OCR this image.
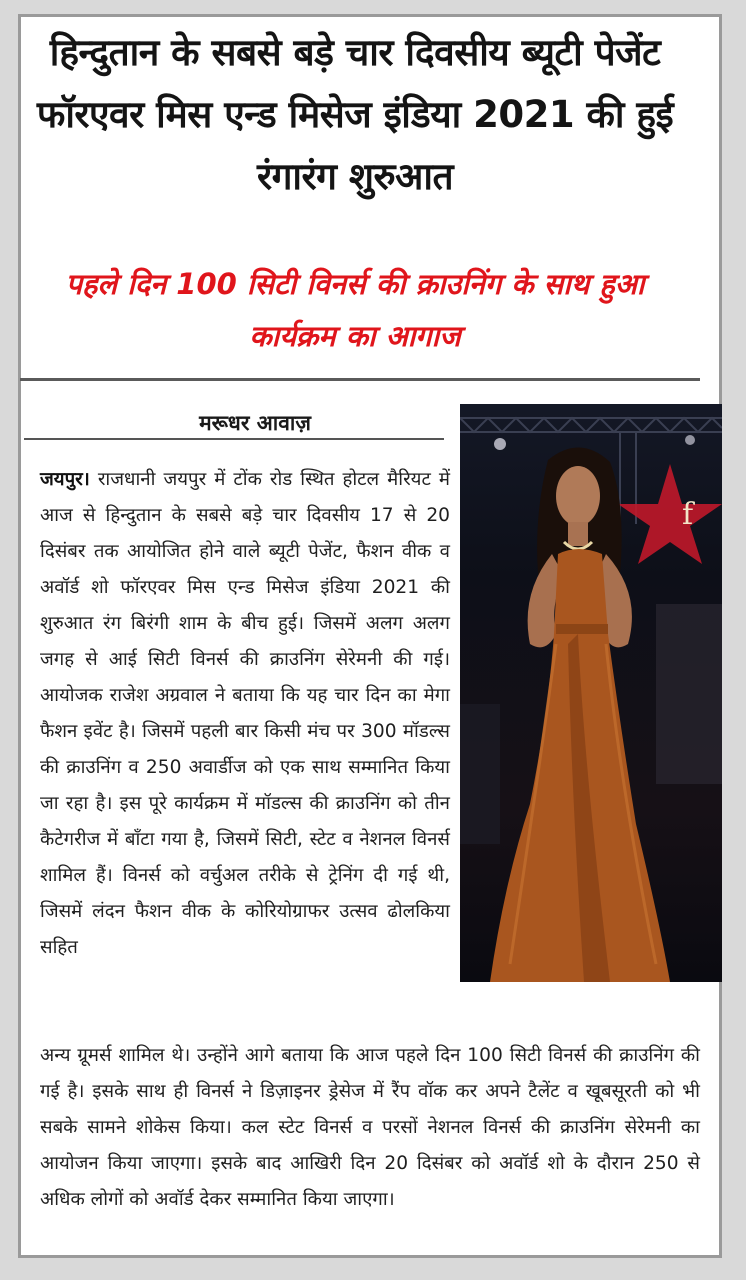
हिन्दुतान के सबसे बड़े चार दिवसीय ब्यूटी पेजेंट फॉरएवर मिस एन्ड मिसेज इंडिया 2021 की हुई रंगारंग शुरुआत
पहले दिन 100 सिटी विनर्स की क्राउनिंग के साथ हुआ कार्यक्रम का आगाज
मरूधर आवाज़
f
जयपुर। राजधानी जयपुर में टोंक रोड स्थित होटल मैरियट में आज से हिन्दुतान के सबसे बड़े चार दिवसीय 17 से 20 दिसंबर तक आयोजित होने वाले ब्यूटी पेजेंट, फैशन वीक व अवॉर्ड शो फॉरएवर मिस एन्ड मिसेज इंडिया 2021 की शुरुआत रंग बिरंगी शाम के बीच हुई। जिसमें अलग अलग जगह से आई सिटी विनर्स की क्राउनिंग सेरेमनी की गई। आयोजक राजेश अग्रवाल ने बताया कि यह चार दिन का मेगा फैशन इवेंट है। जिसमें पहली बार किसी मंच पर 300 मॉडल्स की क्राउनिंग व 250 अवार्डीज को एक साथ सम्मानित किया जा रहा है। इस पूरे कार्यक्रम में मॉडल्स की क्राउनिंग को तीन कैटेगरीज में बाँटा गया है, जिसमें सिटी, स्टेट व नेशनल विनर्स शामिल हैं। विनर्स को वर्चुअल तरीके से ट्रेनिंग दी गई थी, जिसमें लंदन फैशन वीक के कोरियोग्राफर उत्सव ढोलकिया सहित
अन्य ग्रूमर्स शामिल थे। उन्होंने आगे बताया कि आज पहले दिन 100 सिटी विनर्स की क्राउनिंग की गई है। इसके साथ ही विनर्स ने डिज़ाइनर ड्रेसेज में रैंप वॉक कर अपने टैलेंट व खूबसूरती को भी सबके सामने शोकेस किया। कल स्टेट विनर्स व परसों नेशनल विनर्स की क्राउनिंग सेरेमनी का आयोजन किया जाएगा। इसके बाद आखिरी दिन 20 दिसंबर को अवॉर्ड शो के दौरान 250 से अधिक लोगों को अवॉर्ड देकर सम्मानित किया जाएगा।
